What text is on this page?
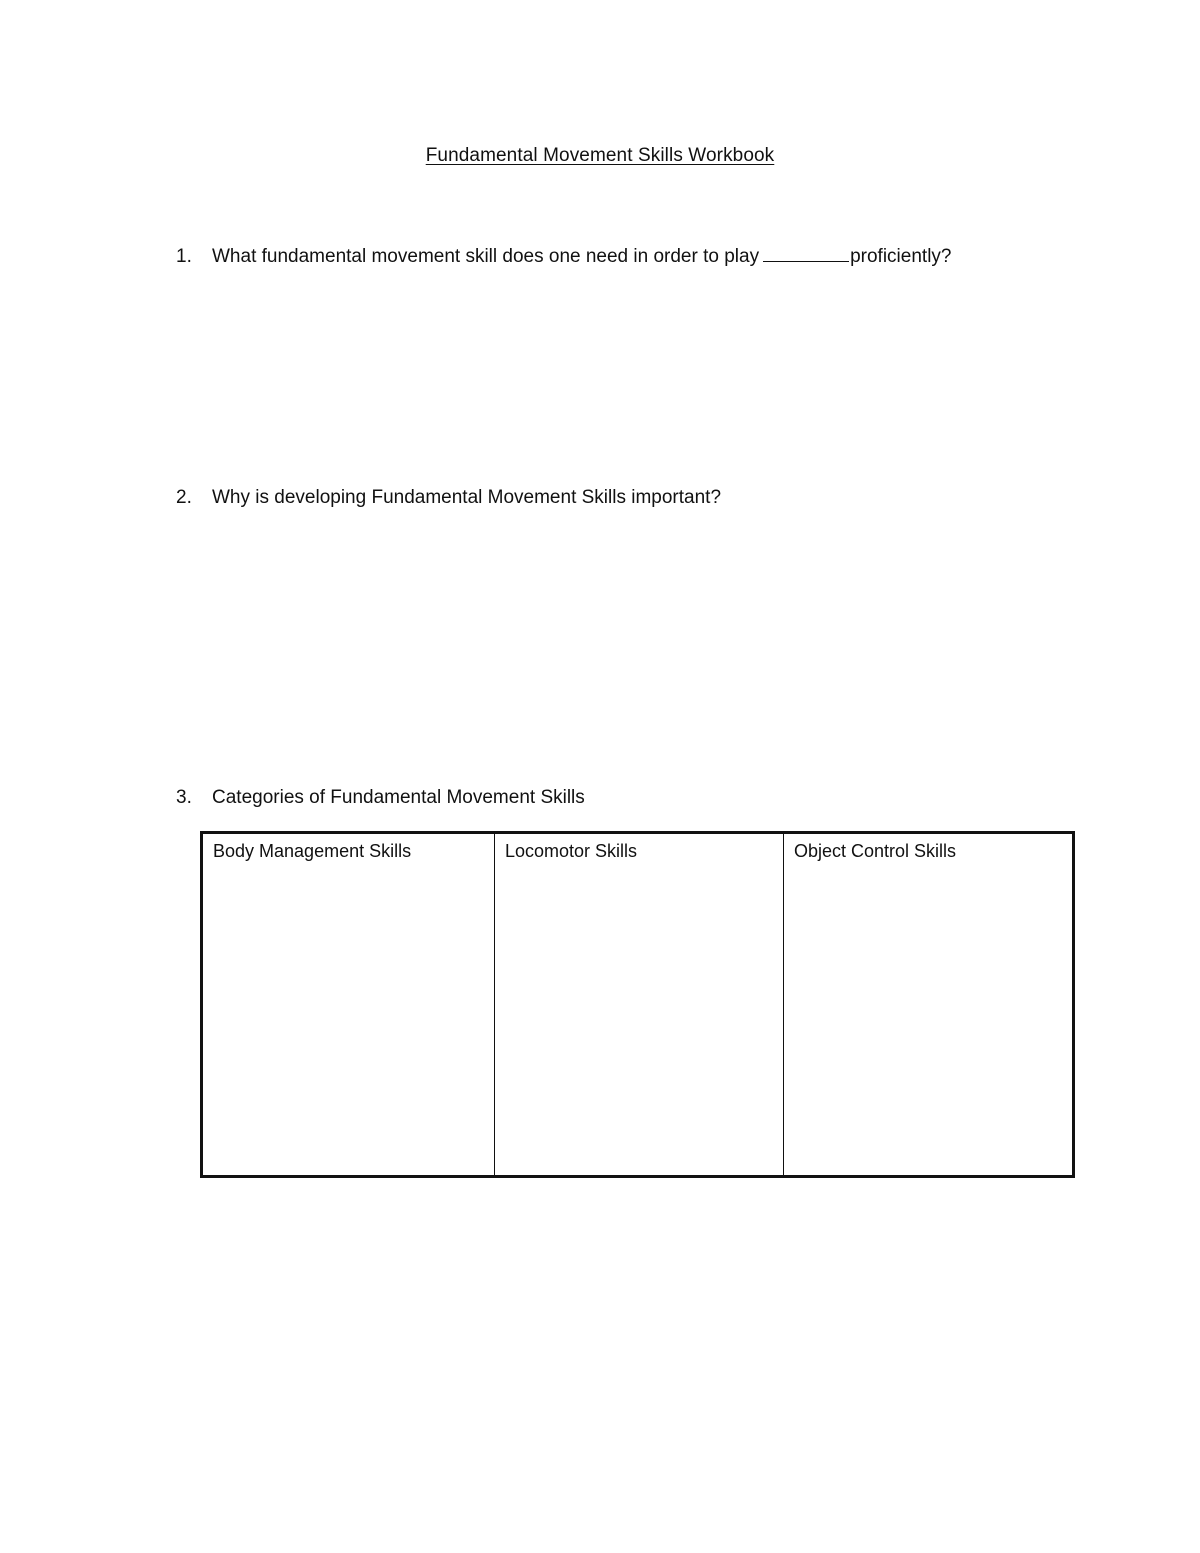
Fundamental Movement Skills Workbook
1. What fundamental movement skill does one need in order to play	proficiently?
2. Why is developing Fundamental Movement Skills important?
3. Categories of Fundamental Movement Skills
Body Management Skills	Locomotor Skills	Object Control Skills
